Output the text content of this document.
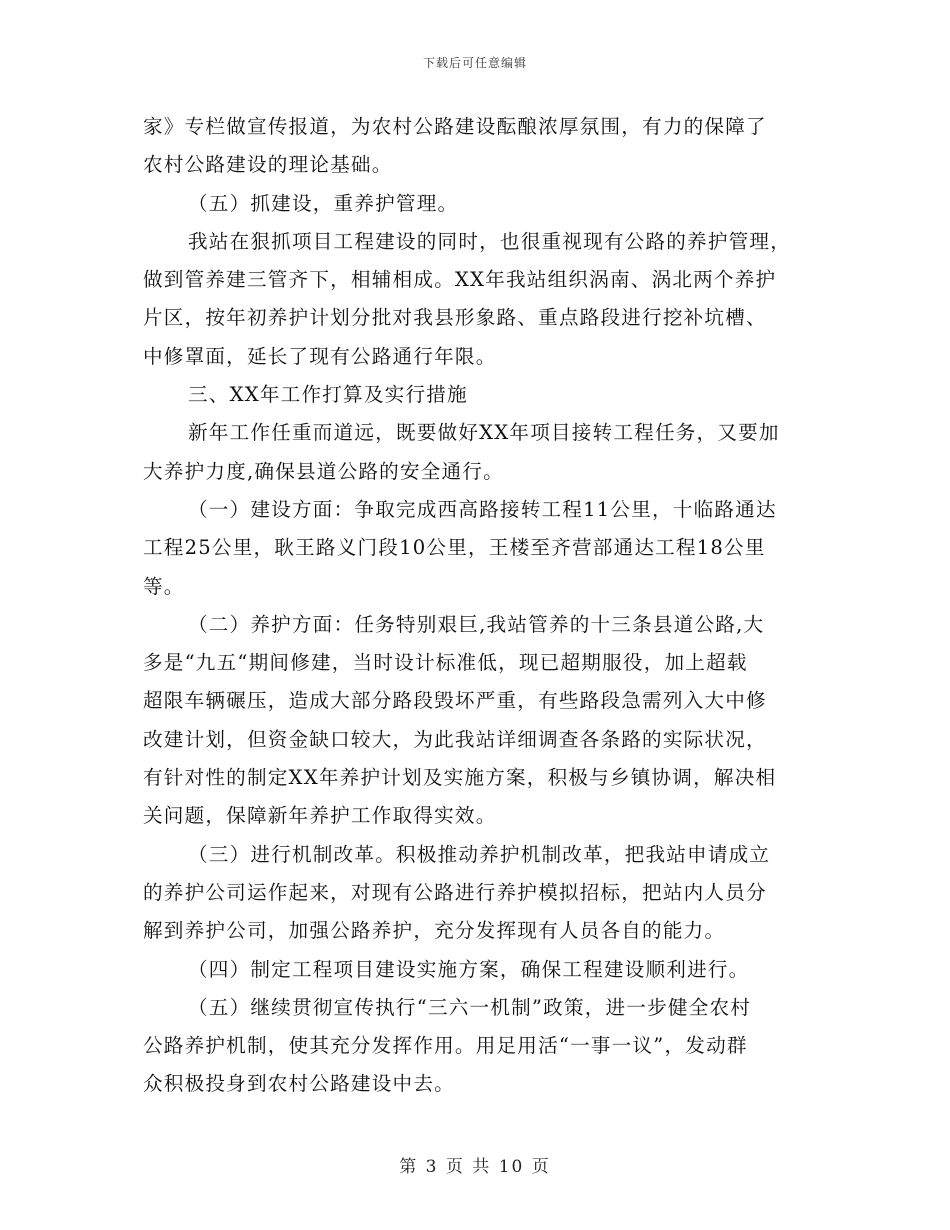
下载后可任意编辑
家》专栏做宣传报道，为农村公路建设酝酿浓厚氛围，有力的保障了
农村公路建设的理论基础。
（五）抓建设，重养护管理。
我站在狠抓项目工程建设的同时，也很重视现有公路的养护管理，
做到管养建三管齐下，相辅相成。XX年我站组织涡南、涡北两个养护
片区，按年初养护计划分批对我县形象路、重点路段进行挖补坑槽、
中修罩面，延长了现有公路通行年限。
三、XX年工作打算及实行措施
新年工作任重而道远，既要做好XX年项目接转工程任务，又要加
大养护力度,确保县道公路的安全通行。
（一）建设方面：争取完成西高路接转工程11公里，十临路通达
工程25公里，耿王路义门段10公里，王楼至齐营部通达工程18公里
等。
（二）养护方面：任务特别艰巨,我站管养的十三条县道公路,大
多是“九五“期间修建，当时设计标准低，现已超期服役，加上超载
超限车辆碾压，造成大部分路段毁坏严重，有些路段急需列入大中修
改建计划，但资金缺口较大，为此我站详细调查各条路的实际状况，
有针对性的制定XX年养护计划及实施方案，积极与乡镇协调，解决相
关问题，保障新年养护工作取得实效。
（三）进行机制改革。积极推动养护机制改革，把我站申请成立
的养护公司运作起来，对现有公路进行养护模拟招标，把站内人员分
解到养护公司，加强公路养护，充分发挥现有人员各自的能力。
（四）制定工程项目建设实施方案，确保工程建设顺利进行。
（五）继续贯彻宣传执行“三六一机制”政策，进一步健全农村
公路养护机制，使其充分发挥作用。用足用活“一事一议”，发动群
众积极投身到农村公路建设中去。
第 3 页 共 10 页
